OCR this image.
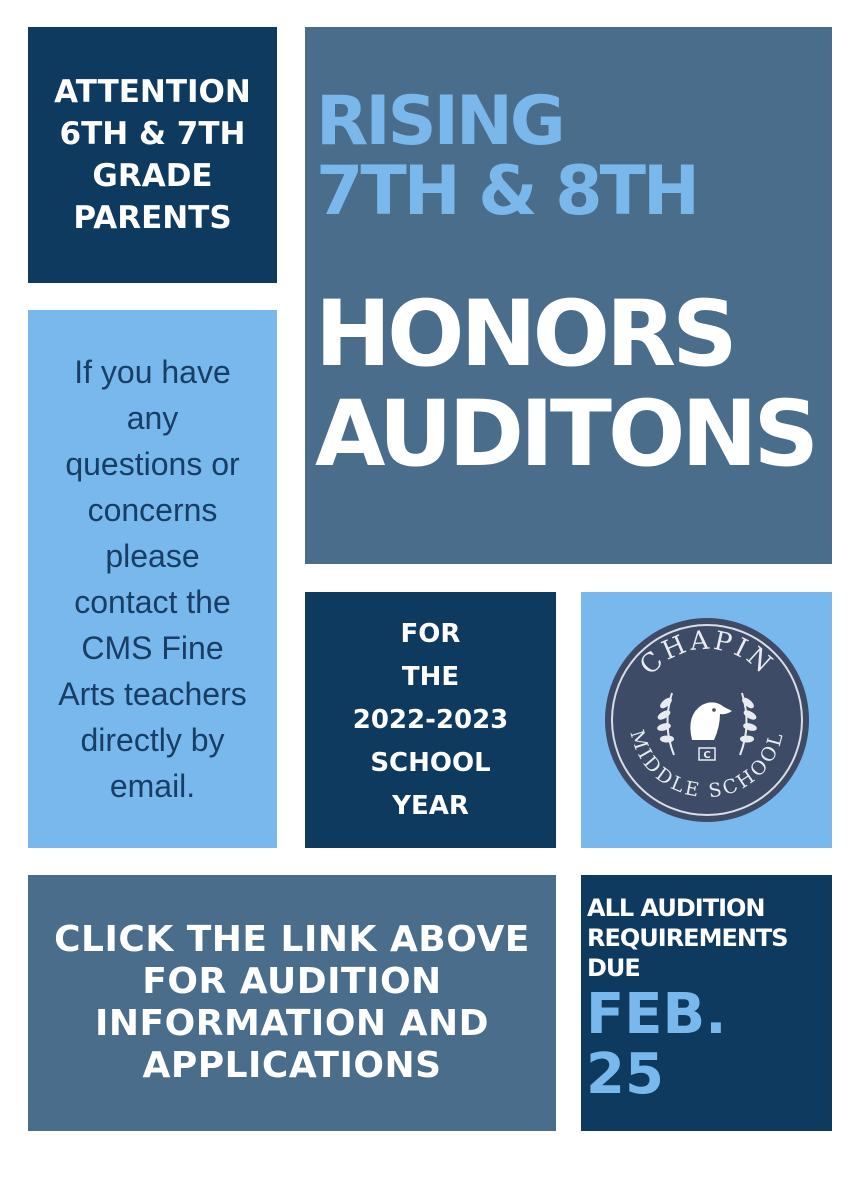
ATTENTION
6TH & 7TH
GRADE
PARENTS
RISING
7TH & 8TH
HONORS
AUDITONS
If you have
any
questions or
concerns
please
contact the
CMS Fine
Arts teachers
directly by
email.
FOR
THE
2022-2023
SCHOOL
YEAR
CHAPIN
MIDDLE SCHOOL
C
CLICK THE LINK ABOVE
FOR AUDITION
INFORMATION AND
APPLICATIONS
ALL AUDITION
REQUIREMENTS
DUE
FEB.
25
